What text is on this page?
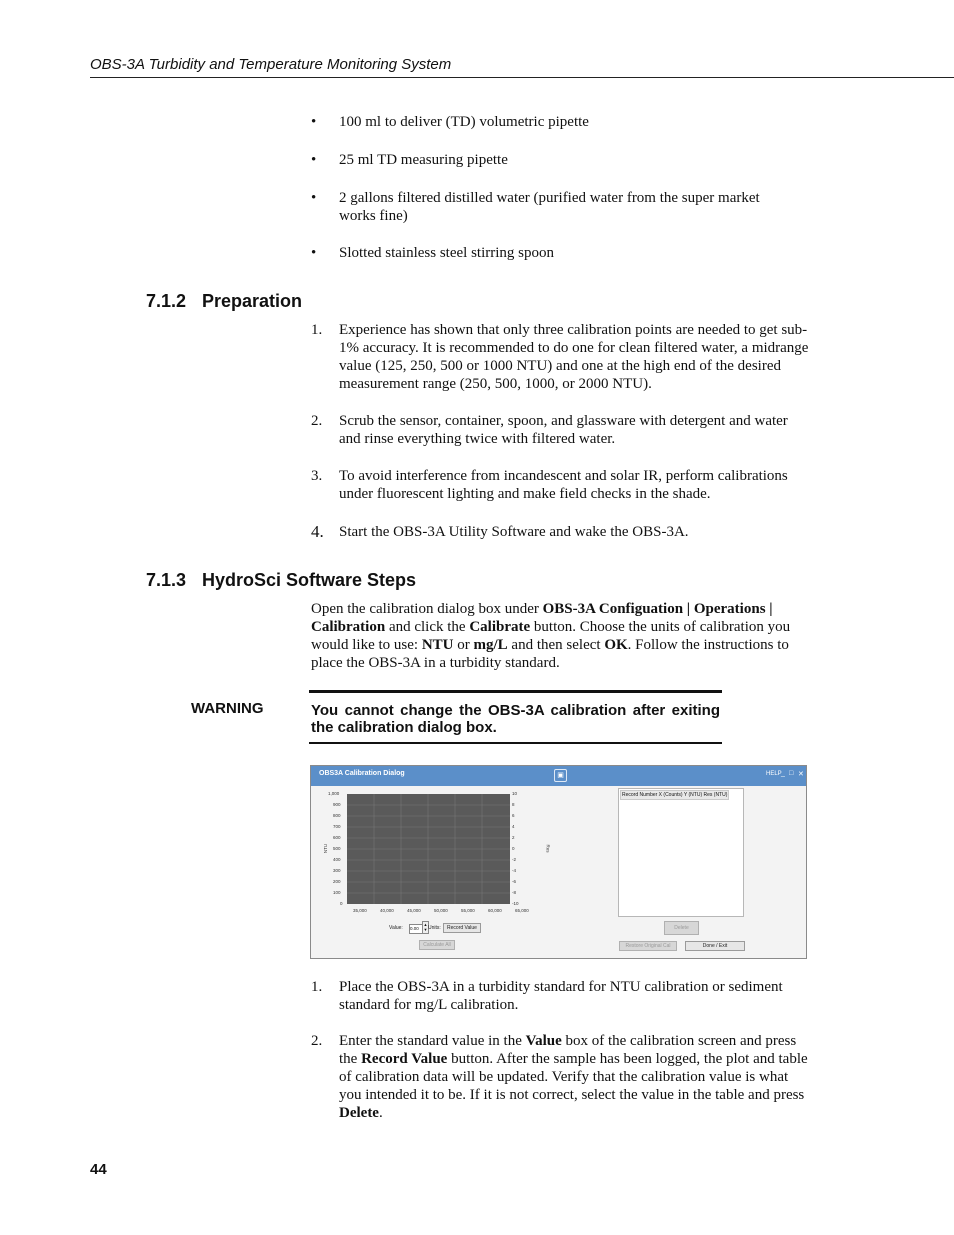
OBS-3A Turbidity and Temperature Monitoring System
• 100 ml to deliver (TD) volumetric pipette
• 25 ml TD measuring pipette
• 2 gallons filtered distilled water (purified water from the super market works fine)
• Slotted stainless steel stirring spoon
7.1.2 Preparation
1. Experience has shown that only three calibration points are needed to get sub-1% accuracy. It is recommended to do one for clean filtered water, a midrange value (125, 250, 500 or 1000 NTU) and one at the high end of the desired measurement range (250, 500, 1000, or 2000 NTU).
2. Scrub the sensor, container, spoon, and glassware with detergent and water and rinse everything twice with filtered water.
3. To avoid interference from incandescent and solar IR, perform calibrations under fluorescent lighting and make field checks in the shade.
4. Start the OBS-3A Utility Software and wake the OBS-3A.
7.1.3 HydroSci Software Steps
Open the calibration dialog box under OBS-3A Configuation | Operations | Calibration and click the Calibrate button. Choose the units of calibration you would like to use: NTU or mg/L and then select OK. Follow the instructions to place the OBS-3A in a turbidity standard.
WARNING	You cannot change the OBS-3A calibration after exiting the calibration dialog box.
OBS3A Calibration Dialog	▣	HELP _ □ ✕
1,000
900
800
700
600
500
400
300
200
100
0
10
8
6
4
2
0
-2
-4
-6
-8
-10
NTU	Res
35,000	40,000	45,000	50,000	55,000	60,000	65,000
Value: 0.00
▲
▼ Units:	Record Value
Calculate All
Record Number X (Counts) Y (NTU) Res (NTU)
Delete
Restore Original Cal	Done / Exit
1. Place the OBS-3A in a turbidity standard for NTU calibration or sediment standard for mg/L calibration.
2. Enter the standard value in the Value box of the calibration screen and press the Record Value button. After the sample has been logged, the plot and table of calibration data will be updated. Verify that the calibration value is what you intended it to be. If it is not correct, select the value in the table and press Delete.
44
